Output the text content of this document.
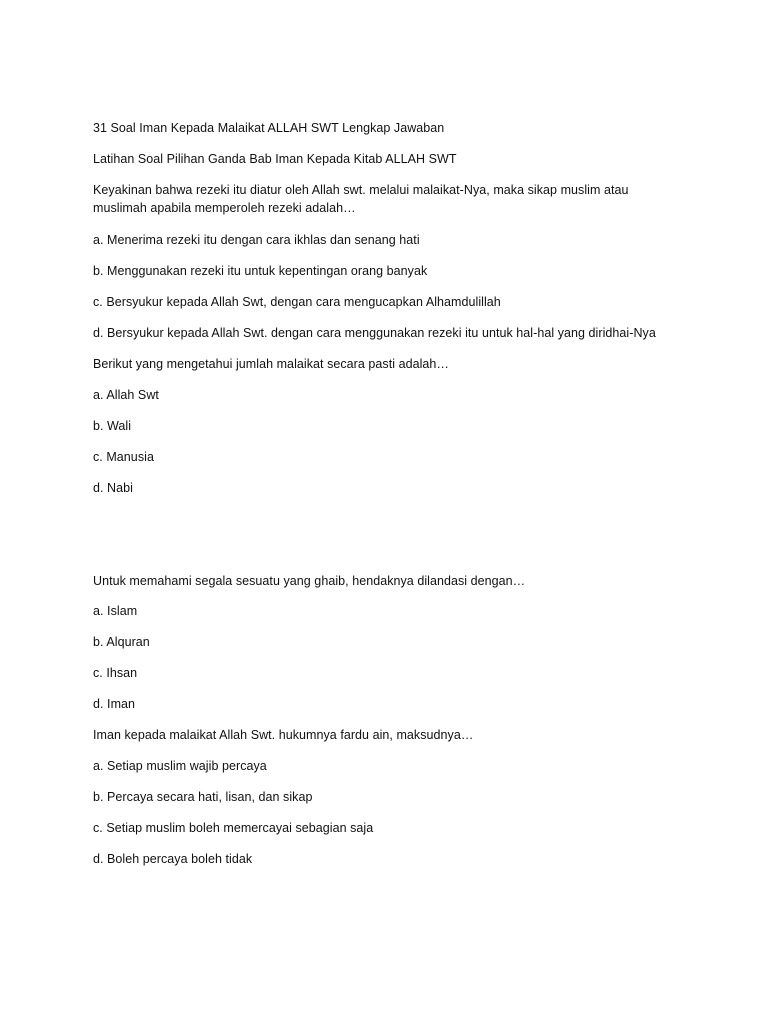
31 Soal Iman Kepada Malaikat ALLAH SWT Lengkap Jawaban
Latihan Soal Pilihan Ganda Bab Iman Kepada Kitab ALLAH SWT
Keyakinan bahwa rezeki itu diatur oleh Allah swt. melalui malaikat-Nya, maka sikap muslim atau muslimah apabila memperoleh rezeki adalah…
a. Menerima rezeki itu dengan cara ikhlas dan senang hati
b. Menggunakan rezeki itu untuk kepentingan orang banyak
c. Bersyukur kepada Allah Swt, dengan cara mengucapkan Alhamdulillah
d. Bersyukur kepada Allah Swt. dengan cara menggunakan rezeki itu untuk hal-hal yang diridhai-Nya
Berikut yang mengetahui jumlah malaikat secara pasti adalah…
a. Allah Swt
b. Wali
c. Manusia
d. Nabi
Untuk memahami segala sesuatu yang ghaib, hendaknya dilandasi dengan…
a. Islam
b. Alquran
c. Ihsan
d. Iman
Iman kepada malaikat Allah Swt. hukumnya fardu ain, maksudnya…
a. Setiap muslim wajib percaya
b. Percaya secara hati, lisan, dan sikap
c. Setiap muslim boleh memercayai sebagian saja
d. Boleh percaya boleh tidak
